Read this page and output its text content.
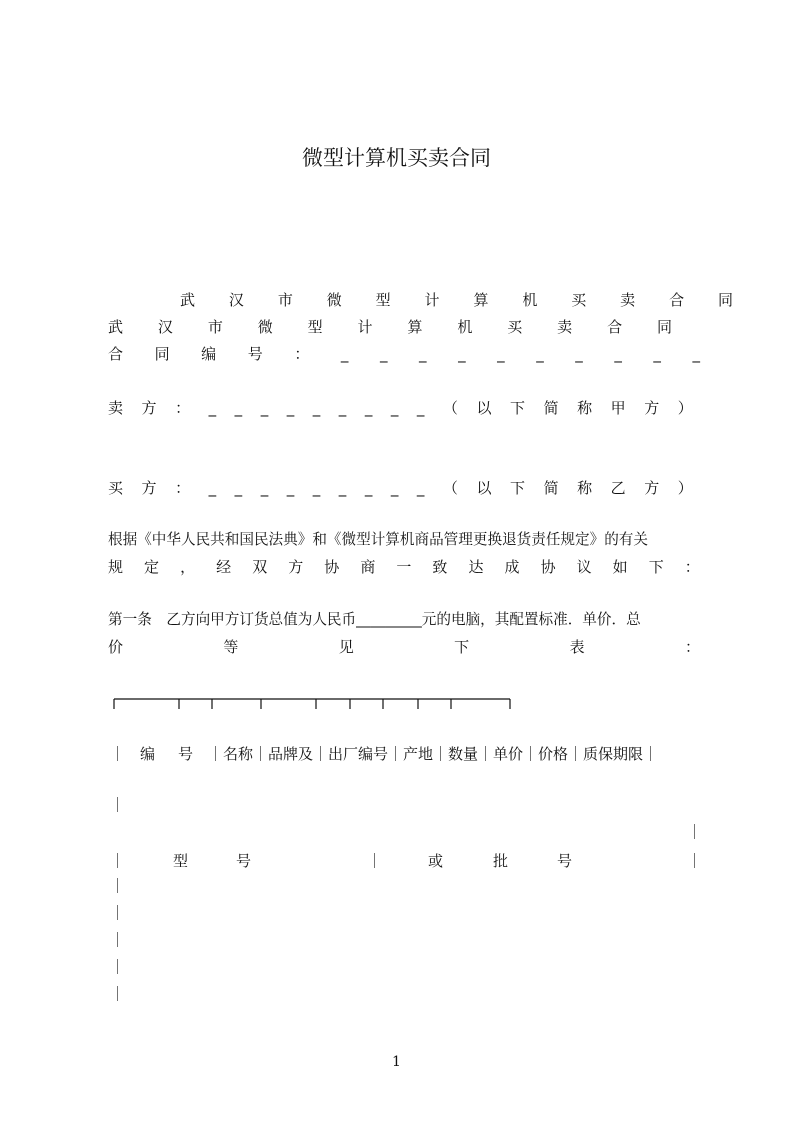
微型计算机买卖合同
武 汉 市 微 型 计 算 机 买 卖 合 同
武 汉 市 微 型 计 算 机 买 卖 合 同
合 同 编 号 ： _ _ _ _ _ _ _ _ _ _
卖 方 ： _ _ _ _ _ _ _ _ _ （ 以 下 简 称 甲 方 ）
买 方 ： _ _ _ _ _ _ _ _ _ （ 以 下 简 称 乙 方 ）
根据《中华人民共和国民法典》和《微型计算机商品管理更换退货责任规定》的有关
规 定 ， 经 双 方 协 商 一 致 达 成 协 议 如 下 ：
第一条　乙方向甲方订货总值为人民币_________元的电脑，其配置标准．单价．总
价	等	见	下	表	：
｜ 编	号 ｜名称｜品牌及｜出厂编号｜产地｜数量｜单价｜价格｜质保期限｜
｜
｜
｜	型	号	｜	或	批	号	｜
｜
｜
｜
｜
｜
1
